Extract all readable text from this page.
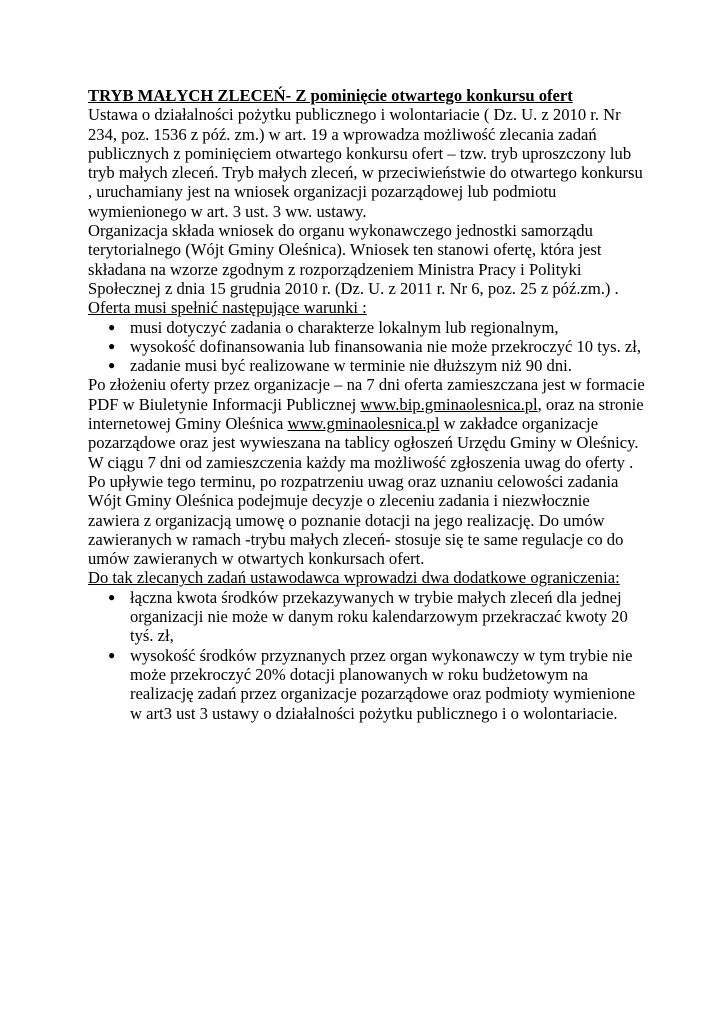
TRYB MAŁYCH ZLECEŃ- Z pominięcie otwartego konkursu ofert

Ustawa o działalności pożytku publicznego i wolontariacie ( Dz. U. z 2010 r. Nr 234, poz. 1536 z póź. zm.) w art. 19 a wprowadza możliwość zlecania zadań publicznych z pominięciem otwartego konkursu ofert – tzw. tryb uproszczony lub tryb małych zleceń. Tryb małych zleceń, w przeciwieństwie do otwartego konkursu , uruchamiany jest na wniosek organizacji pozarządowej lub podmiotu wymienionego w art. 3 ust. 3 ww. ustawy.

Organizacja składa wniosek do organu wykonawczego jednostki samorządu terytorialnego (Wójt Gminy Oleśnica). Wniosek ten stanowi ofertę, która jest składana na wzorze zgodnym z rozporządzeniem Ministra Pracy i Polityki Społecznej z dnia 15 grudnia 2010 r. (Dz. U. z 2011 r. Nr 6, poz. 25 z póź.zm.) .

Oferta musi spełnić następujące warunki :

● musi dotyczyć zadania o charakterze lokalnym lub regionalnym,
● wysokość dofinansowania lub finansowania nie może przekroczyć 10 tys. zł,
● zadanie musi być realizowane w terminie nie dłuższym niż 90 dni.

Po złożeniu oferty przez organizacje – na 7 dni oferta zamieszczana jest w formacie PDF w Biuletynie Informacji Publicznej www.bip.gminaolesnica.pl, oraz na stronie internetowej Gminy Oleśnica www.gminaolesnica.pl w zakładce organizacje pozarządowe oraz jest wywieszana na tablicy ogłoszeń Urzędu Gminy w Oleśnicy. W ciągu 7 dni od zamieszczenia każdy ma możliwość zgłoszenia uwag do oferty . Po upływie tego terminu, po rozpatrzeniu uwag oraz uznaniu celowości zadania Wójt Gminy Oleśnica podejmuje decyzje o zleceniu zadania i niezwłocznie zawiera z organizacją umowę o poznanie dotacji na jego realizację. Do umów zawieranych w ramach -trybu małych zleceń- stosuje się te same regulacje co do umów zawieranych w otwartych konkursach ofert.

Do tak zlecanych zadań ustawodawca wprowadzi dwa dodatkowe ograniczenia:

● łączna kwota środków przekazywanych w trybie małych zleceń dla jednej organizacji nie może w danym roku kalendarzowym przekraczać kwoty 20 tyś. zł,
● wysokość środków przyznanych przez organ wykonawczy w tym trybie nie może przekroczyć 20% dotacji planowanych w roku budżetowym na realizację zadań przez organizacje pozarządowe oraz podmioty wymienione w art3 ust 3 ustawy o działalności pożytku publicznego i o wolontariacie.
